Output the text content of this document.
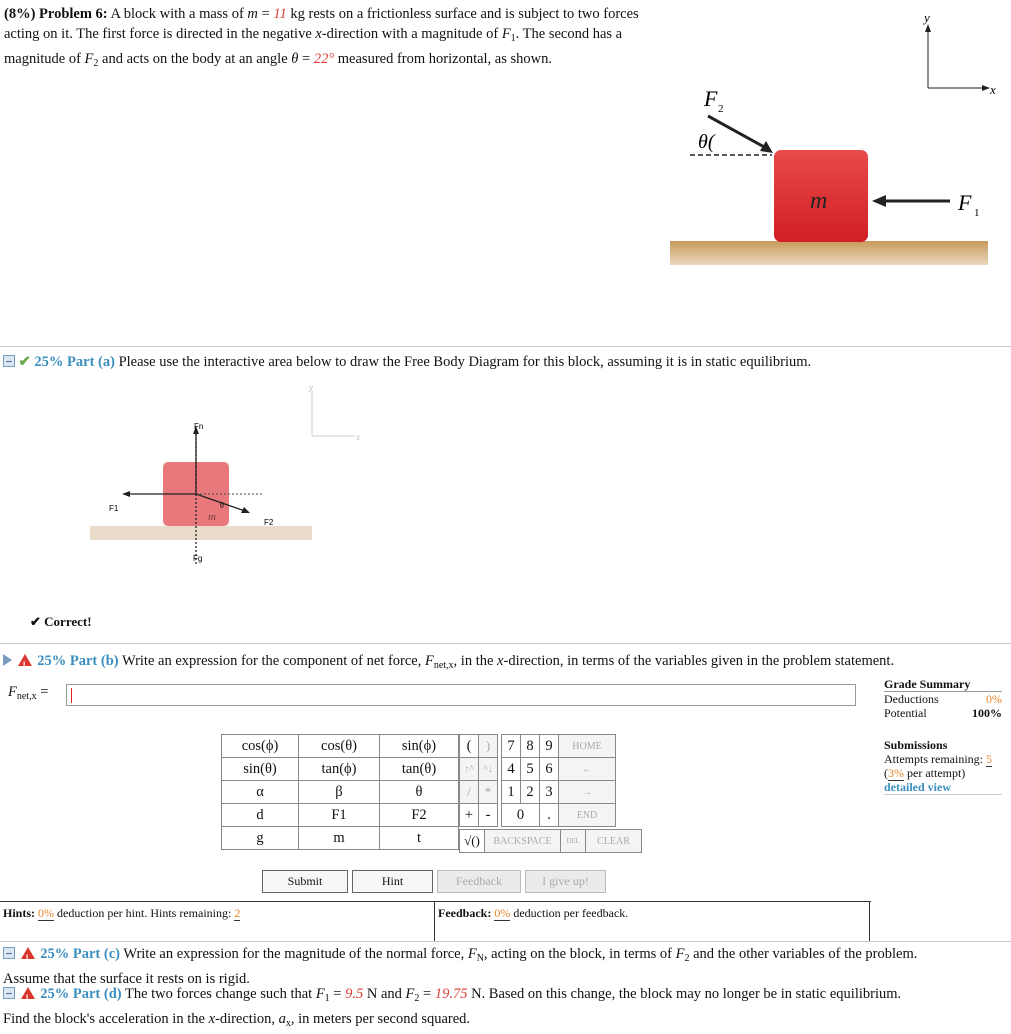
(8%) Problem 6: A block with a mass of m = 11 kg rests on a frictionless surface and is subject to two forces acting on it. The first force is directed in the negative x-direction with a magnitude of $F_1$. The second has a magnitude of $F_2$ and acts on the body at an angle θ = 22° measured from horizontal, as shown.
y
x
m
F 2
θ(
F 1
✔ 25% Part (a) Please use the interactive area below to draw the Free Body Diagram for this block, assuming it is in static equilibrium.
y
x
m
Fn
F1
F2
θ
Fg
✔ Correct!
! 25% Part (b) Write an expression for the component of net force, $F_{net,x}$, in the x-direction, in terms of the variables given in the problem statement.
$F_{net,x}$ =	Grade Summary
Deductions	0%
Potential	100%
Submissions
Attempts remaining: 5
(3% per attempt)
detailed view
cos(ϕ)	cos(θ)	sin(ϕ)
sin(θ)	tan(ϕ)	tan(θ)
α	β	θ
d	F1	F2
g	m	t
(	)		7	8	9	HOME
↑^	^↓		4	5	6	←
/	*		1	2	3	→
+	-		0		.	END
√()	BACKSPACE	DEL	CLEAR
Submit	Hint	Feedback	I give up!
Hints: 0% deduction per hint. Hints remaining: 2	Feedback: 0% deduction per feedback.
! 25% Part (c) Write an expression for the magnitude of the normal force, $F_N$, acting on the block, in terms of $F_2$ and the other variables of the problem.
Assume that the surface it rests on is rigid.
! 25% Part (d) The two forces change such that $F_1 = 9.5$ N and $F_2 = 19.75$ N. Based on this change, the block may no longer be in static equilibrium.
Find the block's acceleration in the x-direction, $a_x$, in meters per second squared.
